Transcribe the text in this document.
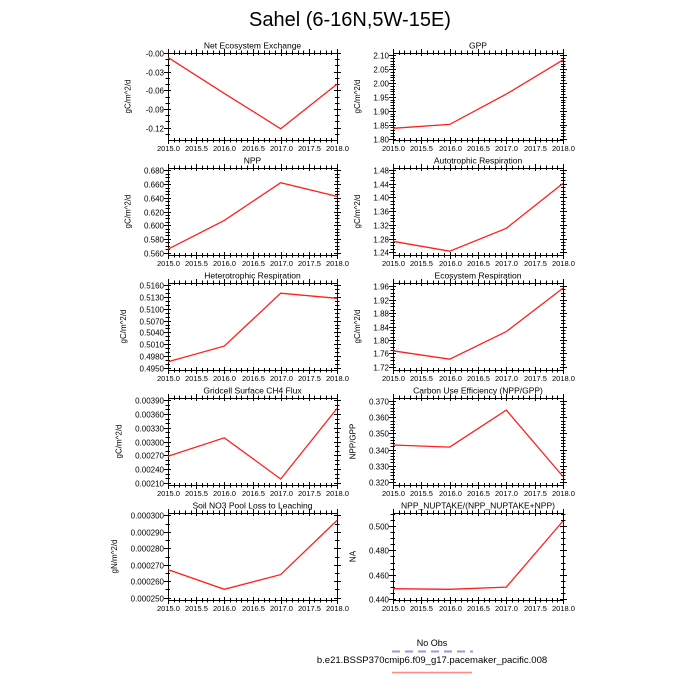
Sahel (6-16N,5W-15E)
2015.0 2015.5 2016.0 2016.5 2017.0 2017.5 2018.0
-0.00
-0.03
-0.06
-0.09
-0.12
Net Ecosystem Exchange
gC/m^2/d
2015.0 2015.5 2016.0 2016.5 2017.0 2017.5 2018.0
2.10
2.05
2.00
1.95
1.90
1.85
1.80
GPP
gC/m^2/d
2015.0 2015.5 2016.0 2016.5 2017.0 2017.5 2018.0
0.680
0.660
0.640
0.620
0.600
0.580
0.560
NPP
gC/m^2/d
2015.0 2015.5 2016.0 2016.5 2017.0 2017.5 2018.0
1.48
1.44
1.40
1.36
1.32
1.28
1.24
Autotrophic Respiration
gC/m^2/d
2015.0 2015.5 2016.0 2016.5 2017.0 2017.5 2018.0
0.5160
0.5130
0.5100
0.5070
0.5040
0.5010
0.4980
0.4950
Heterotrophic Respiration
gC/m^2/d
2015.0 2015.5 2016.0 2016.5 2017.0 2017.5 2018.0
1.96
1.92
1.88
1.84
1.80
1.76
1.72
Ecosystem Respiration
gC/m^2/d
2015.0 2015.5 2016.0 2016.5 2017.0 2017.5 2018.0
0.00390
0.00360
0.00330
0.00300
0.00270
0.00240
0.00210
Gridcell Surface CH4 Flux
gC/m^2/d
2015.0 2015.5 2016.0 2016.5 2017.0 2017.5 2018.0
0.370
0.360
0.350
0.340
0.330
0.320
Carbon Use Efficiency (NPP/GPP)
NPP/GPP
2015.0 2015.5 2016.0 2016.5 2017.0 2017.5 2018.0
0.000300
0.000290
0.000280
0.000270
0.000260
0.000250
Soil NO3 Pool Loss to Leaching
gN/m^2/d
2015.0 2015.5 2016.0 2016.5 2017.0 2017.5 2018.0
0.500
0.480
0.460
0.440
NPP_NUPTAKE/(NPP_NUPTAKE+NPP)
NA
No Obs
b.e21.BSSP370cmip6.f09_g17.pacemaker_pacific.008
